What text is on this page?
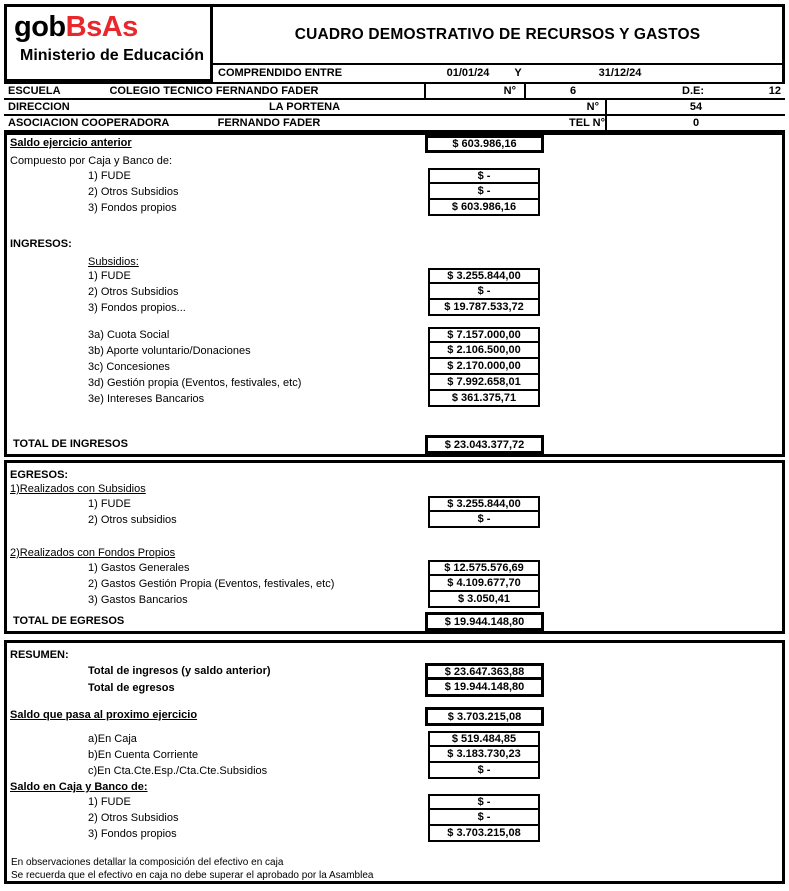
gobBsAs
Ministerio de Educación
CUADRO DEMOSTRATIVO DE RECURSOS Y GASTOS
COMPRENDIDO ENTRE	01/01/24	Y	31/12/24
ESCUELA	COLEGIO TECNICO FERNANDO FADER	N°	6	D.E:	12
DIRECCION	LA PORTENA	N°	54
ASOCIACION COOPERADORA	FERNANDO FADER	TEL N°	0
Saldo ejercicio anterior	$ 603.986,16
Compuesto por Caja y Banco de:
1) FUDE	$ -
2) Otros Subsidios	$ -
3) Fondos propios	$ 603.986,16
INGRESOS:
Subsidios:
1) FUDE	$ 3.255.844,00
2) Otros Subsidios	$ -
3) Fondos propios...	$ 19.787.533,72
3a) Cuota Social	$ 7.157.000,00
3b) Aporte voluntario/Donaciones	$ 2.106.500,00
3c) Concesiones	$ 2.170.000,00
3d) Gestión propia (Eventos, festivales, etc)	$ 7.992.658,01
3e) Intereses Bancarios	$ 361.375,71
TOTAL DE INGRESOS	$ 23.043.377,72
EGRESOS:
1)Realizados con Subsidios
1) FUDE	$ 3.255.844,00
2) Otros subsidios	$ -
2)Realizados con Fondos Propios
1) Gastos Generales	$ 12.575.576,69
2) Gastos Gestión Propia (Eventos, festivales, etc)	$ 4.109.677,70
3) Gastos Bancarios	$ 3.050,41
TOTAL DE EGRESOS	$ 19.944.148,80
RESUMEN:
Total de ingresos (y saldo anterior)	$ 23.647.363,88
Total de egresos	$ 19.944.148,80
Saldo que pasa al proximo ejercicio	$ 3.703.215,08
a)En Caja	$ 519.484,85
b)En Cuenta Corriente	$ 3.183.730,23
c)En Cta.Cte.Esp./Cta.Cte.Subsidios	$ -
Saldo en Caja y Banco de:
1) FUDE	$ -
2) Otros Subsidios	$ -
3) Fondos propios	$ 3.703.215,08
En observaciones detallar la composición del efectivo en caja
Se recuerda que el efectivo en caja no debe superar el aprobado por la Asamblea
